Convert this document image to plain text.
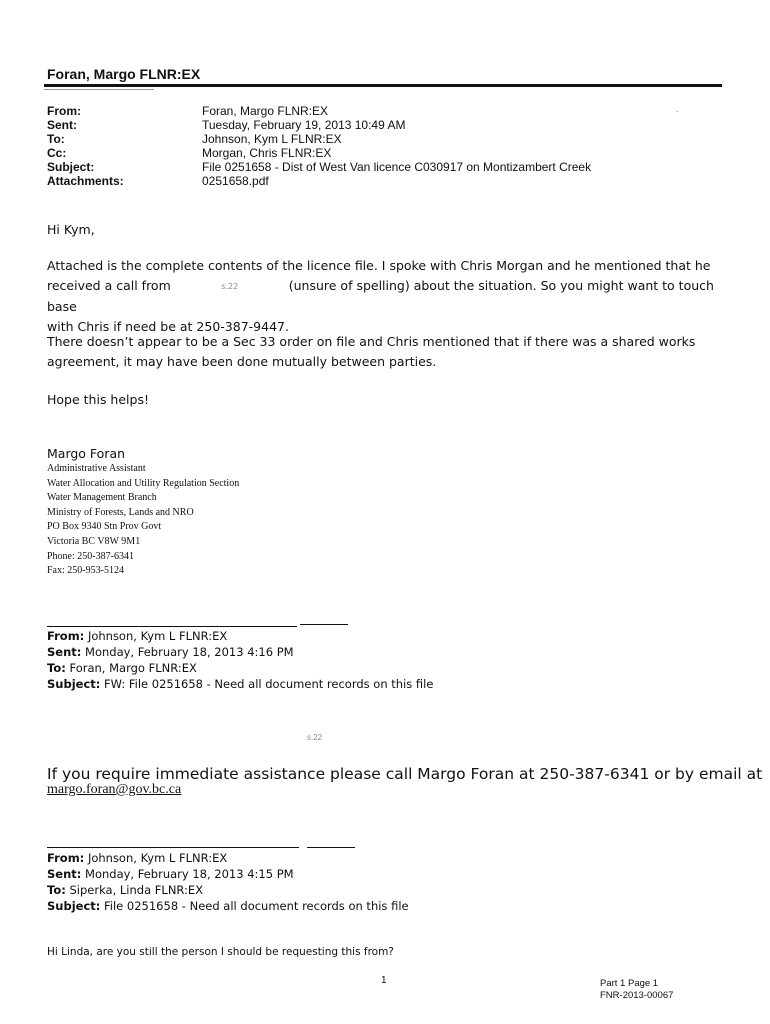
Foran, Margo FLNR:EX
.
From:	Foran, Margo FLNR:EX
Sent:	Tuesday, February 19, 2013 10:49 AM
To:	Johnson, Kym L FLNR:EX
Cc:	Morgan, Chris FLNR:EX
Subject:	File 0251658 - Dist of West Van licence C030917 on Montizambert Creek
Attachments:	0251658.pdf
Hi Kym,
Attached is the complete contents of the licence file. I spoke with Chris Morgan and he mentioned that he
received a call from	s.22	(unsure of spelling) about the situation. So you might want to touch base
with Chris if need be at 250-387-9447.
There doesn’t appear to be a Sec 33 order on file and Chris mentioned that if there was a shared works
agreement, it may have been done mutually between parties.
Hope this helps!
Margo Foran
Administrative Assistant
Water Allocation and Utility Regulation Section
Water Management Branch
Ministry of Forests, Lands and NRO
PO Box 9340 Stn Prov Govt
Victoria BC V8W 9M1
Phone: 250-387-6341
Fax: 250-953-5124
From: Johnson, Kym L FLNR:EX
Sent: Monday, February 18, 2013 4:16 PM
To: Foran, Margo FLNR:EX
Subject: FW: File 0251658 - Need all document records on this file
s.22
If you require immediate assistance please call Margo Foran at 250-387-6341 or by email at
margo.foran@gov.bc.ca
From: Johnson, Kym L FLNR:EX
Sent: Monday, February 18, 2013 4:15 PM
To: Siperka, Linda FLNR:EX
Subject: File 0251658 - Need all document records on this file
Hi Linda, are you still the person I should be requesting this from?
1	Part 1 Page 1
FNR-2013-00067
